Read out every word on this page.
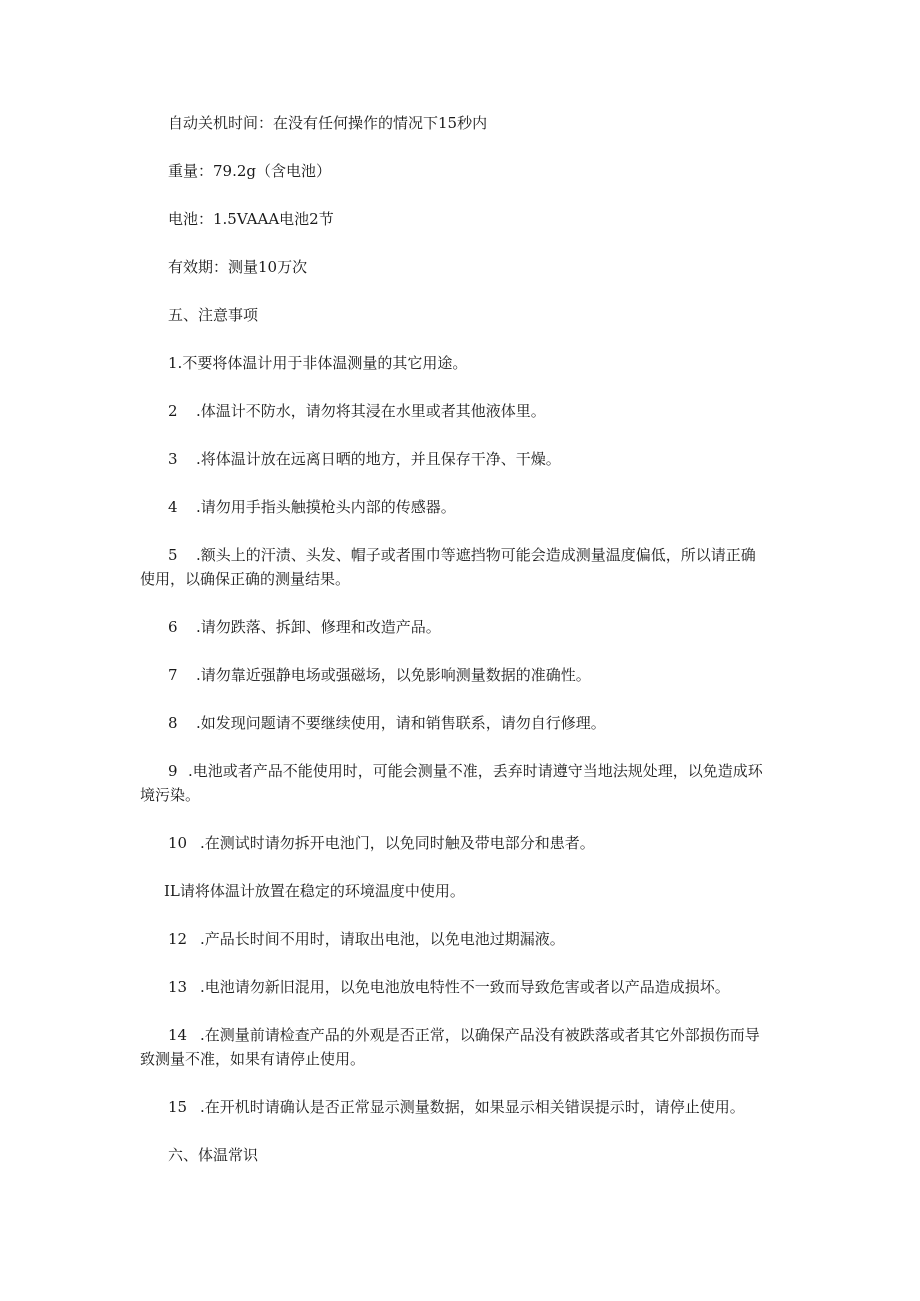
自动关机时间：在没有任何操作的情况下15秒内
重量：79.2g（含电池）
电池：1.5VAAA电池2节
有效期：测量10万次
五、注意事项
1.不要将体温计用于非体温测量的其它用途。
2 .体温计不防水，请勿将其浸在水里或者其他液体里。
3 .将体温计放在远离日晒的地方，并且保存干净、干燥。
4 .请勿用手指头触摸枪头内部的传感器。
5 .额头上的汗渍、头发、帽子或者围巾等遮挡物可能会造成测量温度偏低，所以请正确
使用，以确保正确的测量结果。
6 .请勿跌落、拆卸、修理和改造产品。
7 .请勿靠近强静电场或强磁场，以免影响测量数据的准确性。
8 .如发现问题请不要继续使用，请和销售联系，请勿自行修理。
9 .电池或者产品不能使用时，可能会测量不准，丢弃时请遵守当地法规处理，以免造成环
境污染。
10 .在测试时请勿拆开电池门，以免同时触及带电部分和患者。
IL请将体温计放置在稳定的环境温度中使用。
12 .产品长时间不用时，请取出电池，以免电池过期漏液。
13 .电池请勿新旧混用，以免电池放电特性不一致而导致危害或者以产品造成损坏。
14 .在测量前请检查产品的外观是否正常，以确保产品没有被跌落或者其它外部损伤而导
致测量不准，如果有请停止使用。
15 .在开机时请确认是否正常显示测量数据，如果显示相关错误提示时，请停止使用。
六、体温常识
